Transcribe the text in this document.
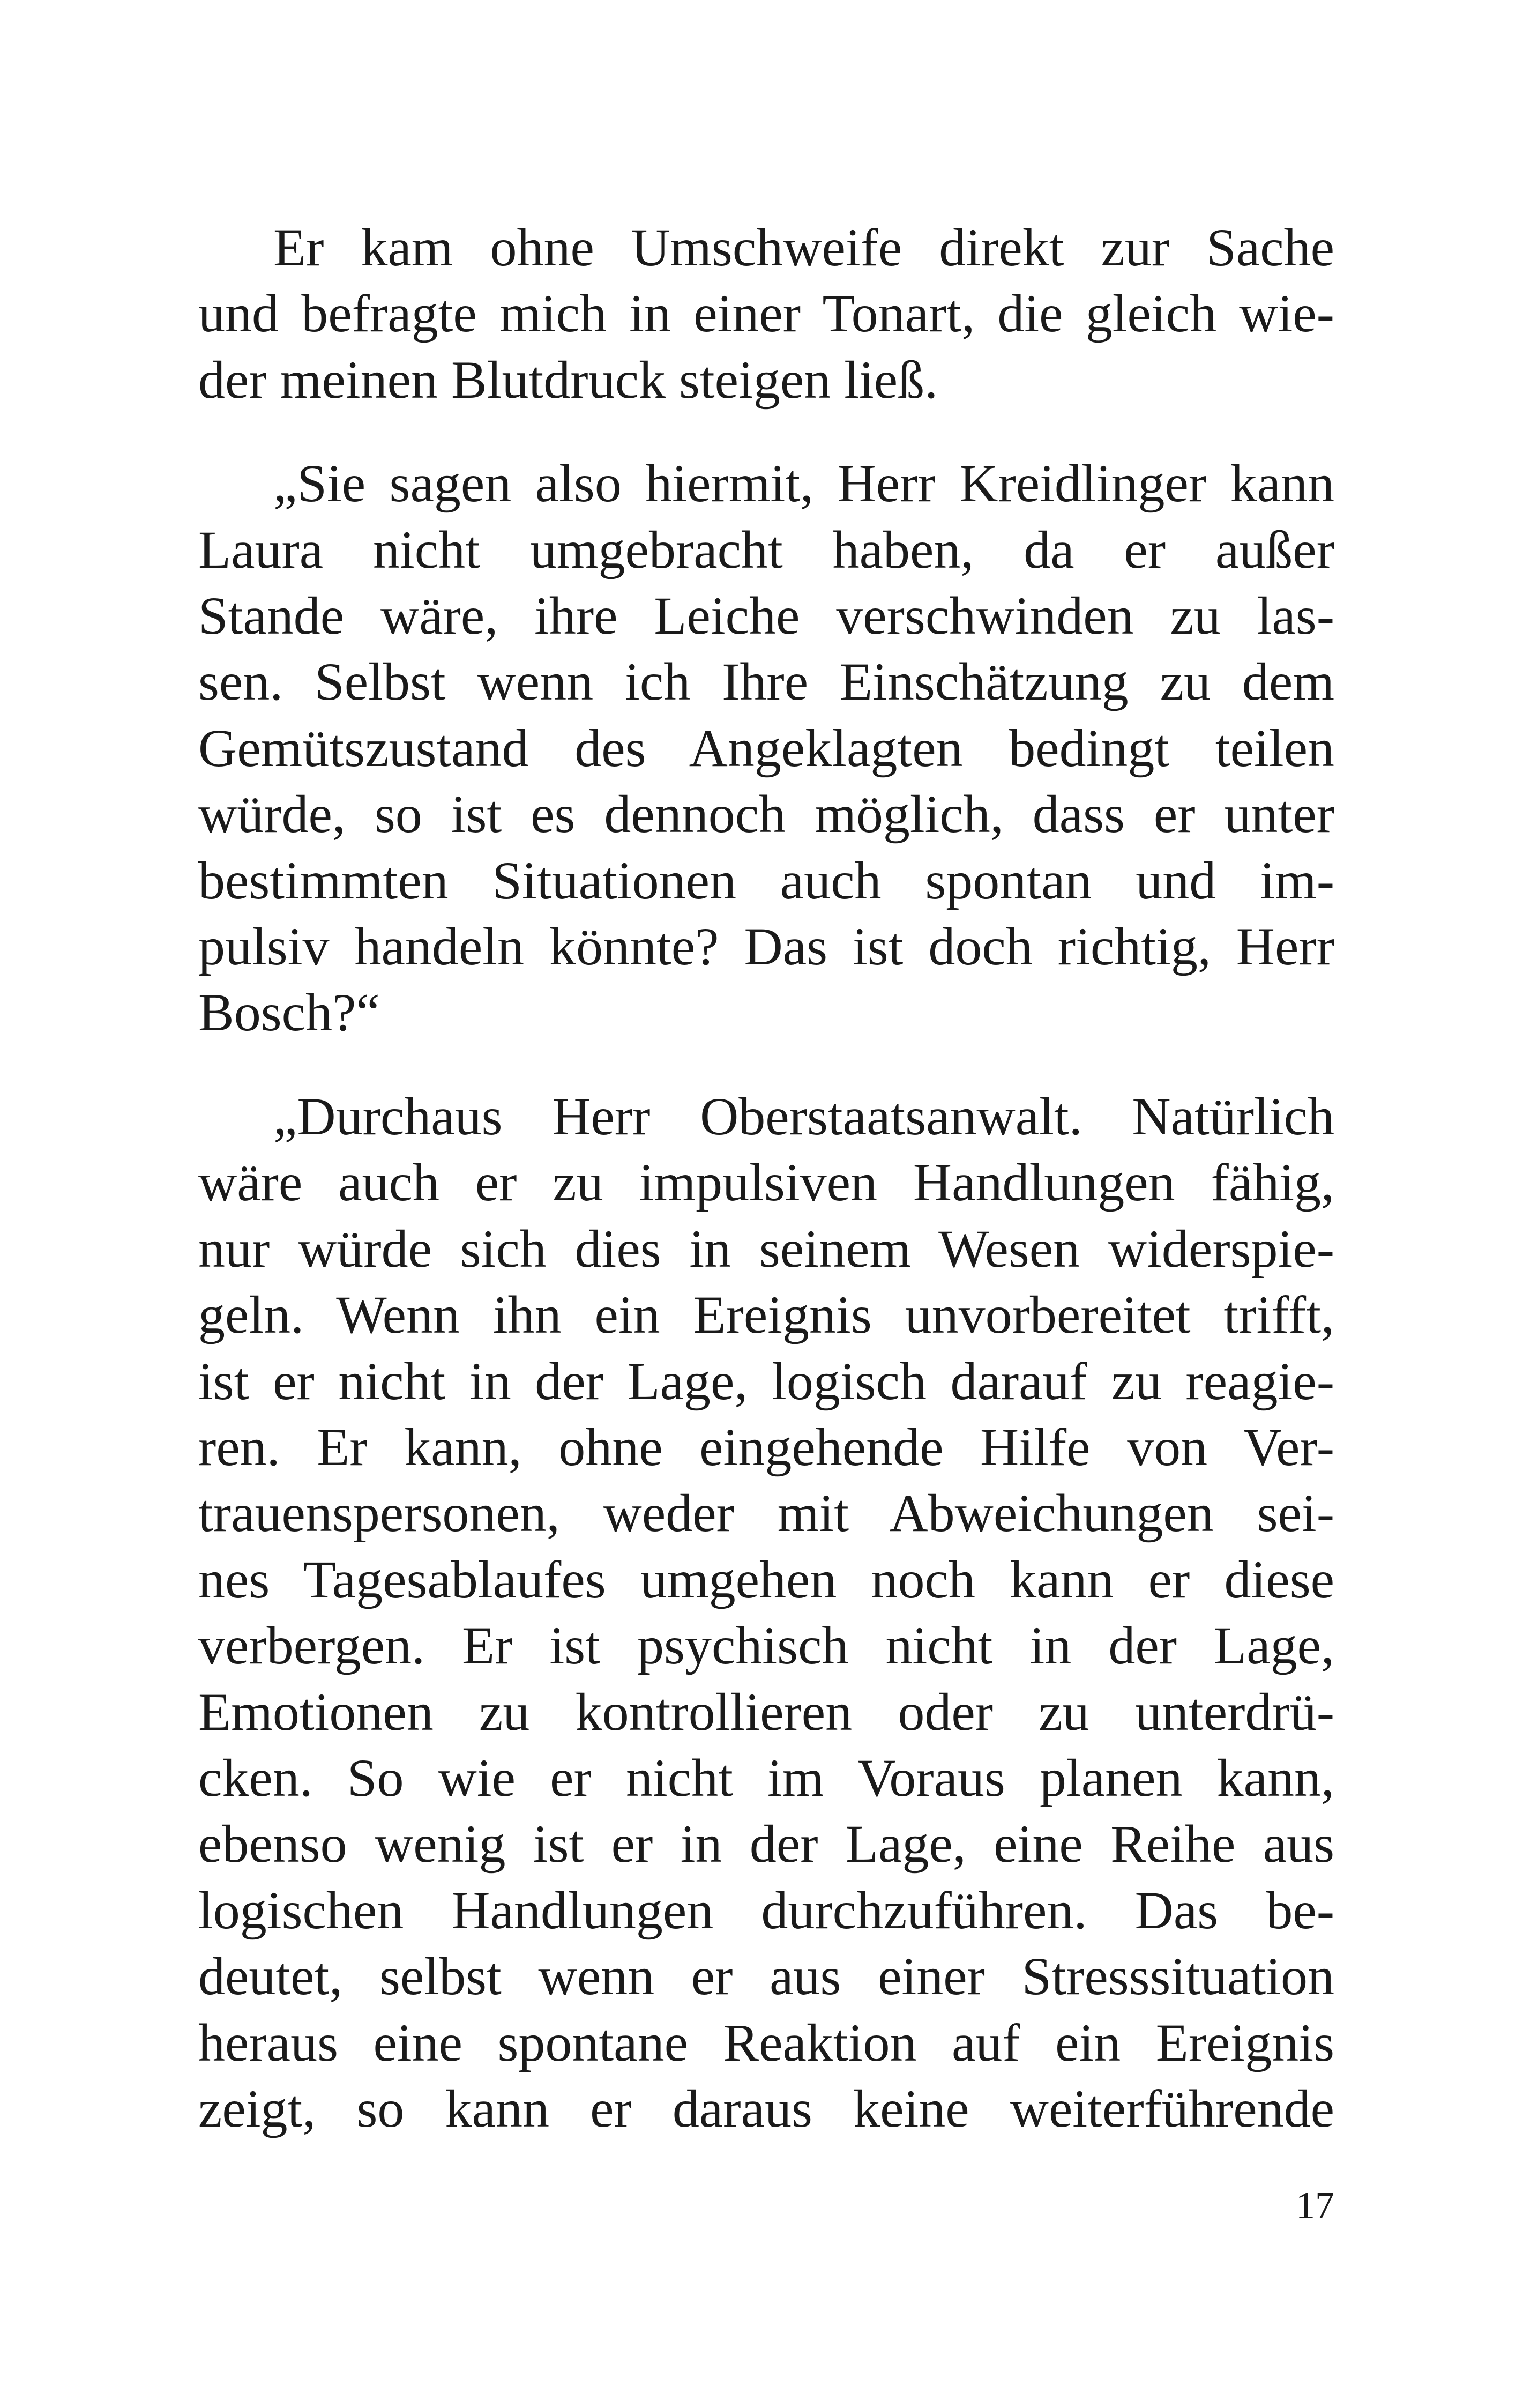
Er kam ohne Umschweife direkt zur Sache
und befragte mich in einer Tonart, die gleich wie-
der meinen Blutdruck steigen ließ.

„Sie sagen also hiermit, Herr Kreidlinger kann
Laura nicht umgebracht haben, da er außer
Stande wäre, ihre Leiche verschwinden zu las-
sen. Selbst wenn ich Ihre Einschätzung zu dem
Gemütszustand des Angeklagten bedingt teilen
würde, so ist es dennoch möglich, dass er unter
bestimmten Situationen auch spontan und im-
pulsiv handeln könnte? Das ist doch richtig, Herr
Bosch?“

„Durchaus Herr Oberstaatsanwalt. Natürlich
wäre auch er zu impulsiven Handlungen fähig,
nur würde sich dies in seinem Wesen widerspie-
geln. Wenn ihn ein Ereignis unvorbereitet trifft,
ist er nicht in der Lage, logisch darauf zu reagie-
ren. Er kann, ohne eingehende Hilfe von Ver-
trauenspersonen, weder mit Abweichungen sei-
nes Tagesablaufes umgehen noch kann er diese
verbergen. Er ist psychisch nicht in der Lage,
Emotionen zu kontrollieren oder zu unterdrü-
cken. So wie er nicht im Voraus planen kann,
ebenso wenig ist er in der Lage, eine Reihe aus
logischen Handlungen durchzuführen. Das be-
deutet, selbst wenn er aus einer Stresssituation
heraus eine spontane Reaktion auf ein Ereignis
zeigt, so kann er daraus keine weiterführende

17
